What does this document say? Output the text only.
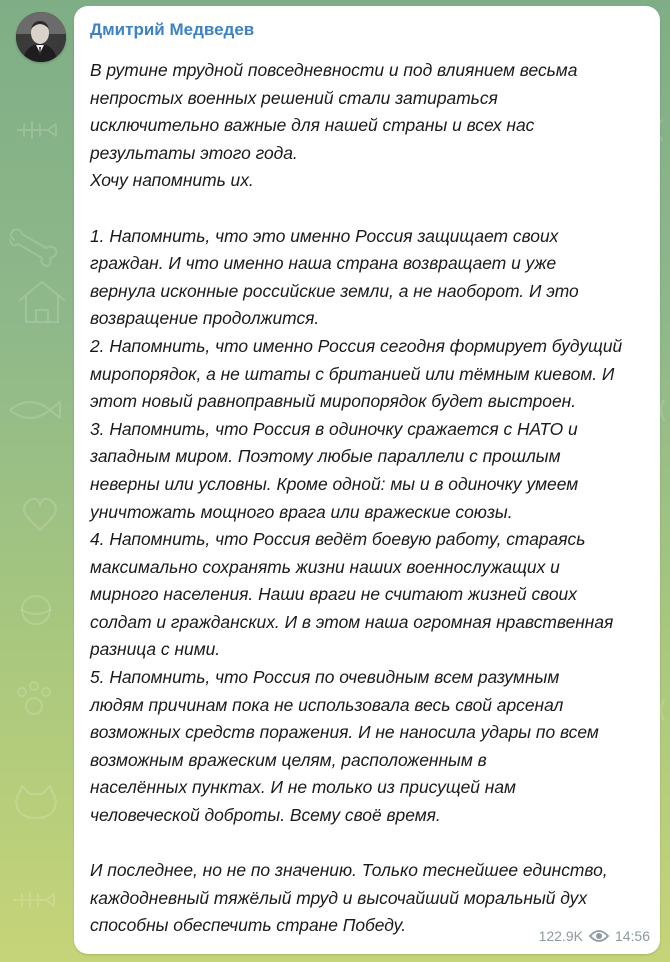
Дмитрий Медведев

В рутине трудной повседневности и под влиянием весьма

непростых военных решений стали затираться

исключительно важные для нашей страны и всех нас

результаты этого года.

Хочу напомнить их.

1. Напомнить, что это именно Россия защищает своих

граждан. И что именно наша страна возвращает и уже

вернула исконные российские земли, а не наоборот. И это

возвращение продолжится.

2. Напомнить, что именно Россия сегодня формирует будущий

миропорядок, а не штаты с британией или тёмным киевом. И

этот новый равноправный миропорядок будет выстроен.

3. Напомнить, что Россия в одиночку сражается с НАТО и

западным миром. Поэтому любые параллели с прошлым

неверны или условны. Кроме одной: мы и в одиночку умеем

уничтожать мощного врага или вражеские союзы.

4. Напомнить, что Россия ведёт боевую работу, стараясь

максимально сохранять жизни наших военнослужащих и

мирного населения. Наши враги не считают жизней своих

солдат и гражданских. И в этом наша огромная нравственная

разница с ними.

5. Напомнить, что Россия по очевидным всем разумным

людям причинам пока не использовала весь свой арсенал

возможных средств поражения. И не наносила удары по всем

возможным вражеским целям, расположенным в

населённых пунктах. И не только из присущей нам

человеческой доброты. Всему своё время.

И последнее, но не по значению. Только теснейшее единство,

каждодневный тяжёлый труд и высочайший моральный дух

способны обеспечить стране Победу.

122.9K 14:56
